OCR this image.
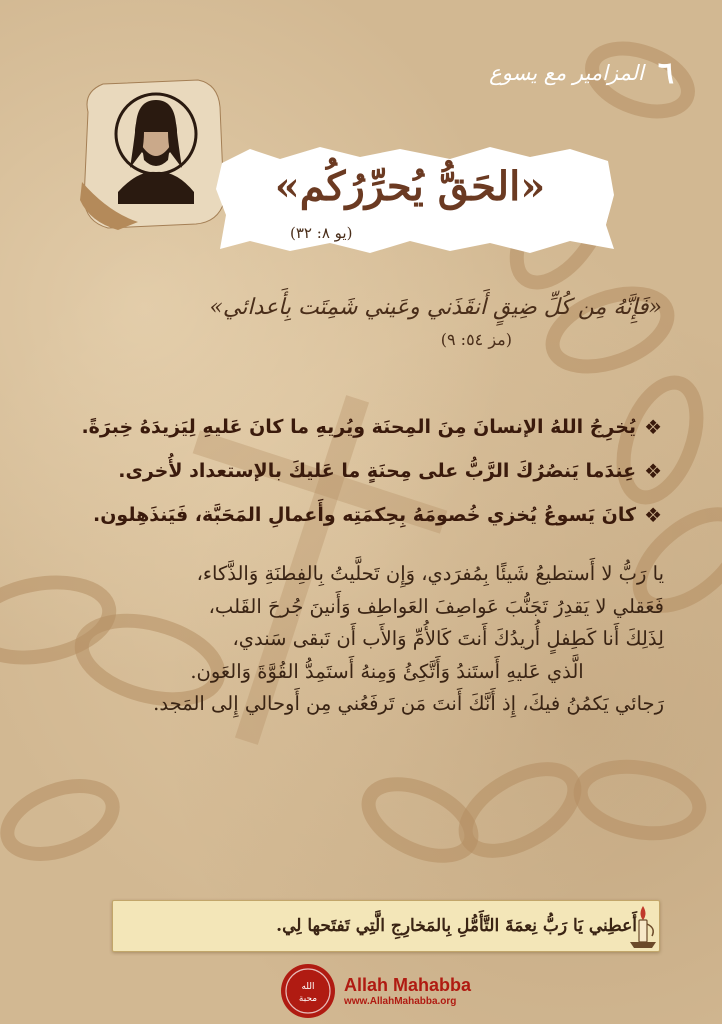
٦
المزامير مع يسوع
«الحَقُّ يُحرِّرُكُم»
(يو ٨: ٣٢)
«فَإِنَّهُ مِن كُلِّ ضِيقٍ أَنقَذَني وعَيني شَمِتَت بِأَعدائي»
(مز ٥٤: ٩)
❖
يُخرِجُ اللهُ الإنسانَ مِنَ المِحنَة ويُريهِ ما كانَ عَليهِ لِيَزيدَهُ خِبرَةً.
❖
عِندَما يَنصُرُكَ الرَّبُّ على مِحنَةٍ ما عَليكَ بالإستعداد لأُخرى.
❖
كانَ يَسوعُ يُخزي خُصومَهُ بِحِكمَتِه وأَعمالِ المَحَبَّة، فَيَنذَهِلون.
يا رَبُّ لا أَستطيعُ شَيئًا بِمُفرَدي، وَإِن تَحلَّيتُ بِالفِطنَةِ وَالذَّكاء،
فَعَقلي لا يَقدِرُ تَجَنُّبَ عَواصِفَ العَواطِف وَأَنينَ جُرحَ القَلب،
لِذَلِكَ أَنا كَطِفلٍ أُريدُكَ أَنتَ كَالأُمِّ وَالأَب أَن تَبقى سَندي،
الَّذي عَليهِ أَستَندُ وَأَتَّكِئُ وَمِنهُ أَستَمِدُّ القُوَّةَ وَالعَون.
رَجائي يَكمُنُ فيكَ، إِذ أَنَّكَ أَنتَ مَن تَرفَعُني مِن أَوحالي إِلى المَجد.
أَعطِني يَا رَبُّ نِعمَةَ التَّأَمُّلِ بِالمَخارِجِ الَّتِي تَفتَحها لِي.
الله
محبة
Allah Mahabba
www.AllahMahabba.org
